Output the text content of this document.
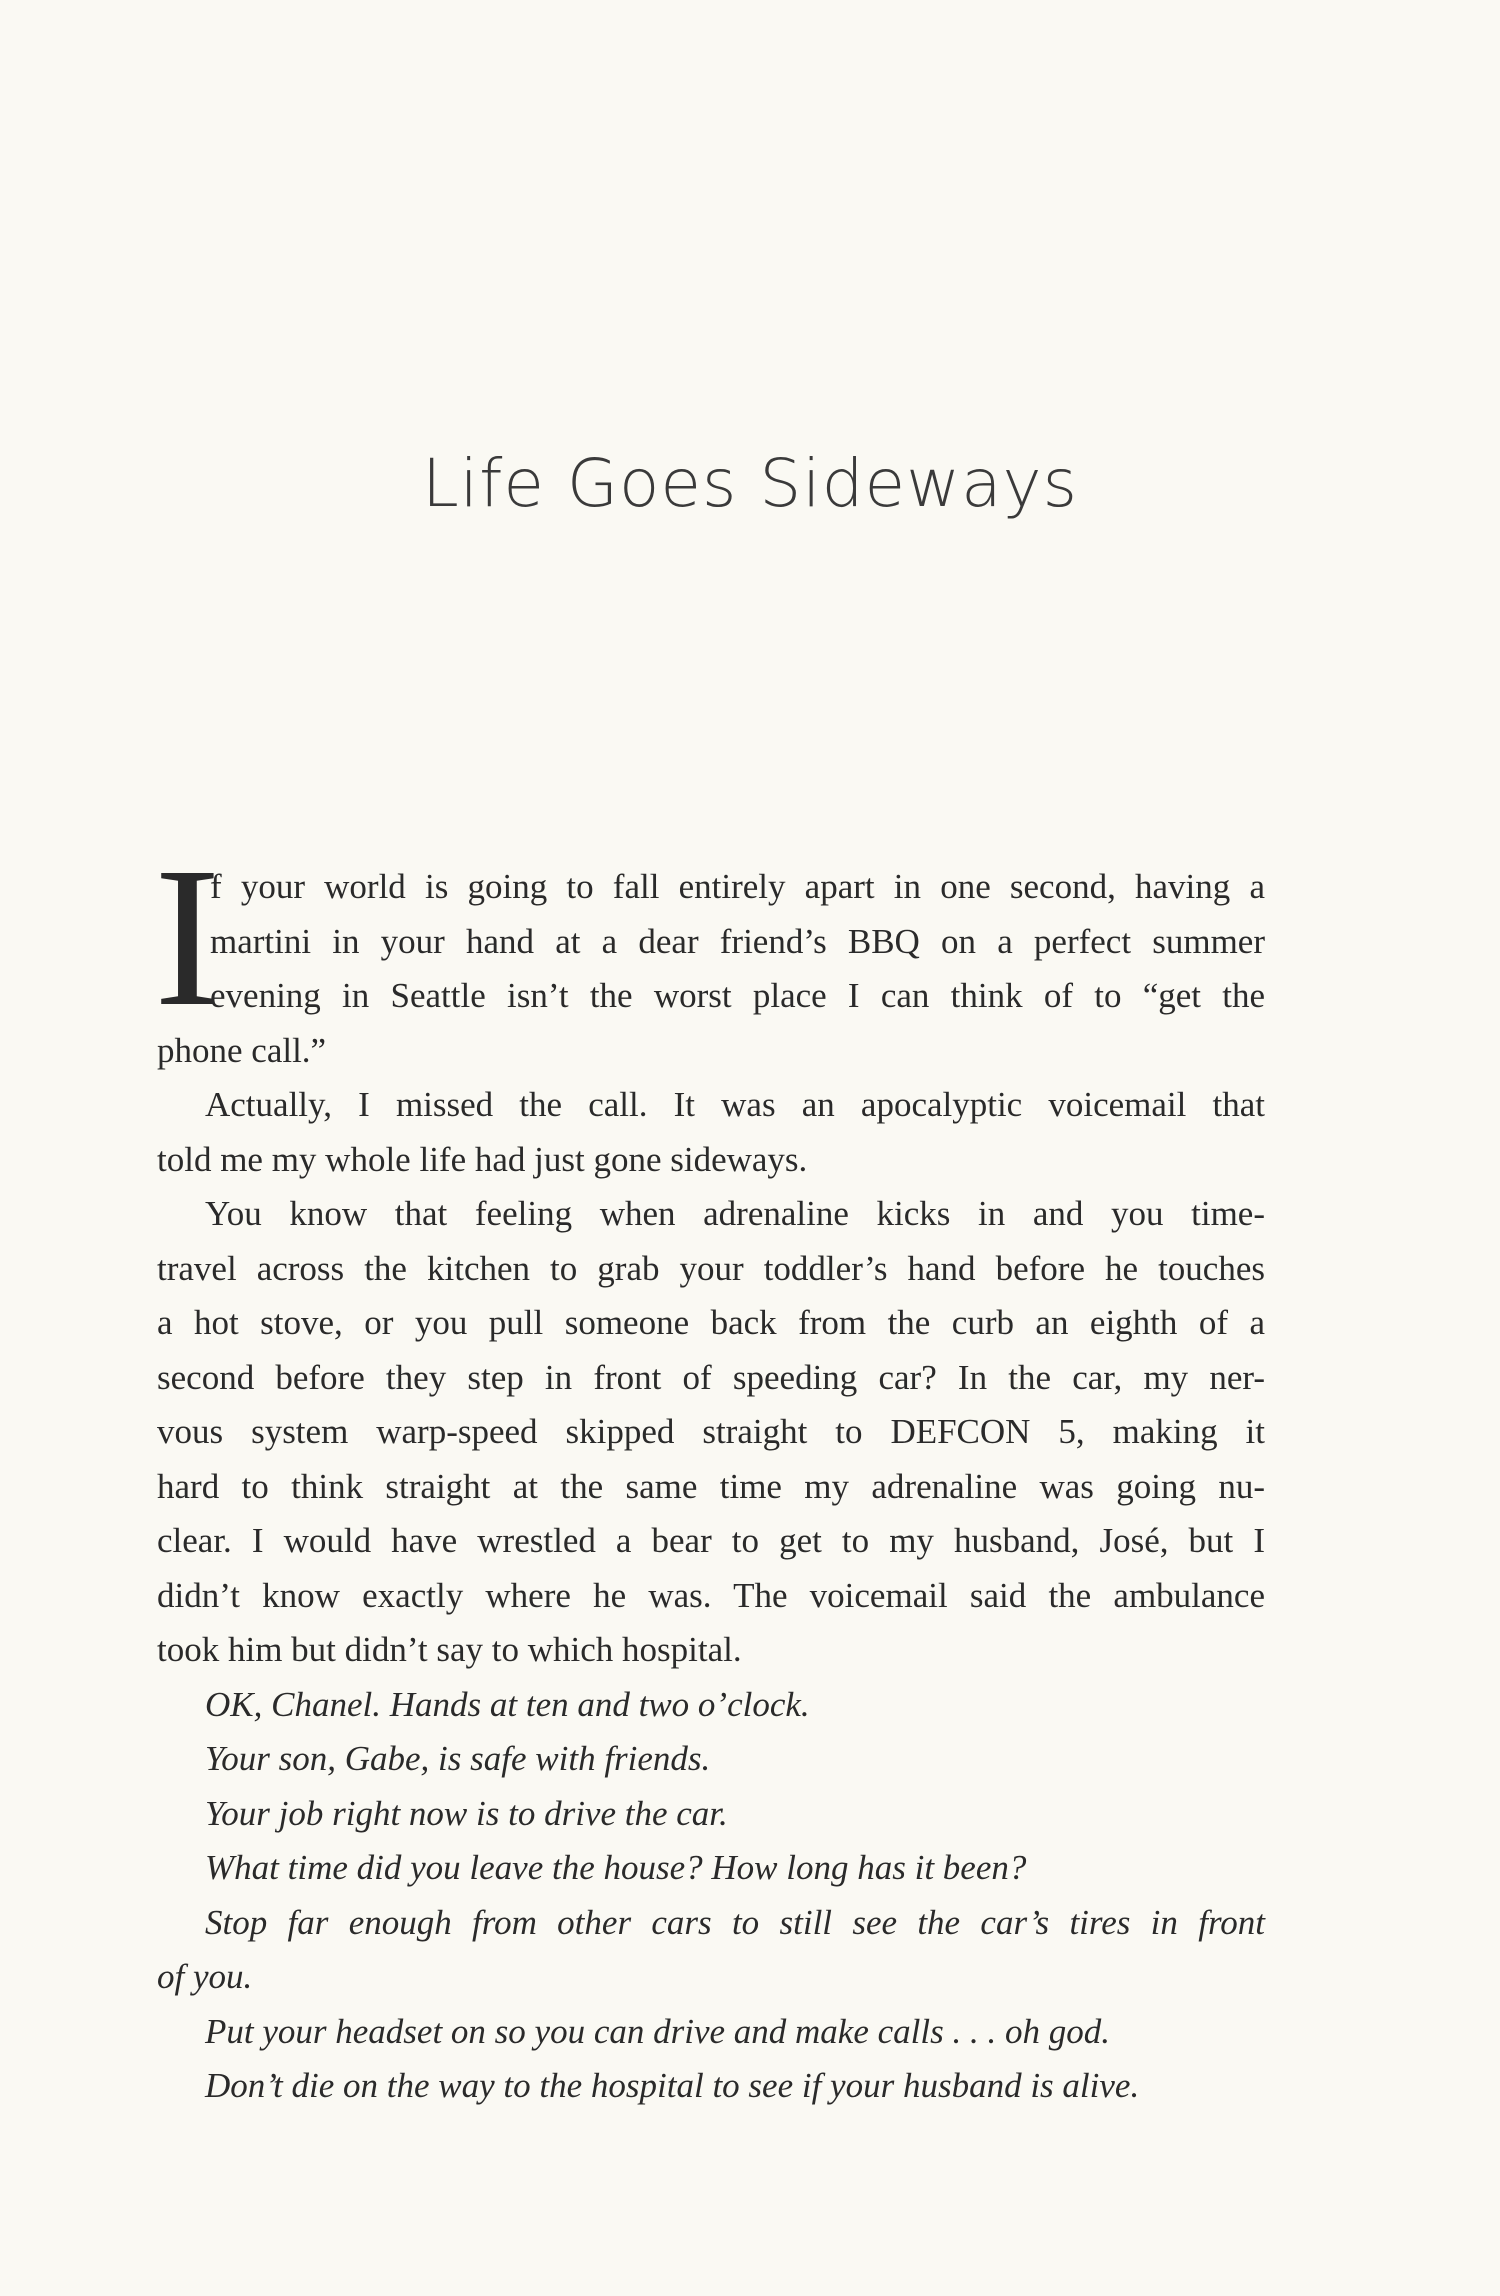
Life Goes Sideways
I
f your world is going to fall entirely apart in one second, having a
martini in your hand at a dear friend’s BBQ on a perfect summer
evening in Seattle isn’t the worst place I can think of to “get the
phone call.”
Actually, I missed the call. It was an apocalyptic voicemail that
told me my whole life had just gone sideways.
You know that feeling when adrenaline kicks in and you time-
travel across the kitchen to grab your toddler’s hand before he touches
a hot stove, or you pull someone back from the curb an eighth of a
second before they step in front of speeding car? In the car, my ner-
vous system warp-speed skipped straight to DEFCON 5, making it
hard to think straight at the same time my adrenaline was going nu-
clear. I would have wrestled a bear to get to my husband, José, but I
didn’t know exactly where he was. The voicemail said the ambulance
took him but didn’t say to which hospital.
OK, Chanel. Hands at ten and two o’clock.
Your son, Gabe, is safe with friends.
Your job right now is to drive the car.
What time did you leave the house? How long has it been?
Stop far enough from other cars to still see the car’s tires in front
of you.
Put your headset on so you can drive and make calls . . . oh god.
Don’t die on the way to the hospital to see if your husband is alive.
